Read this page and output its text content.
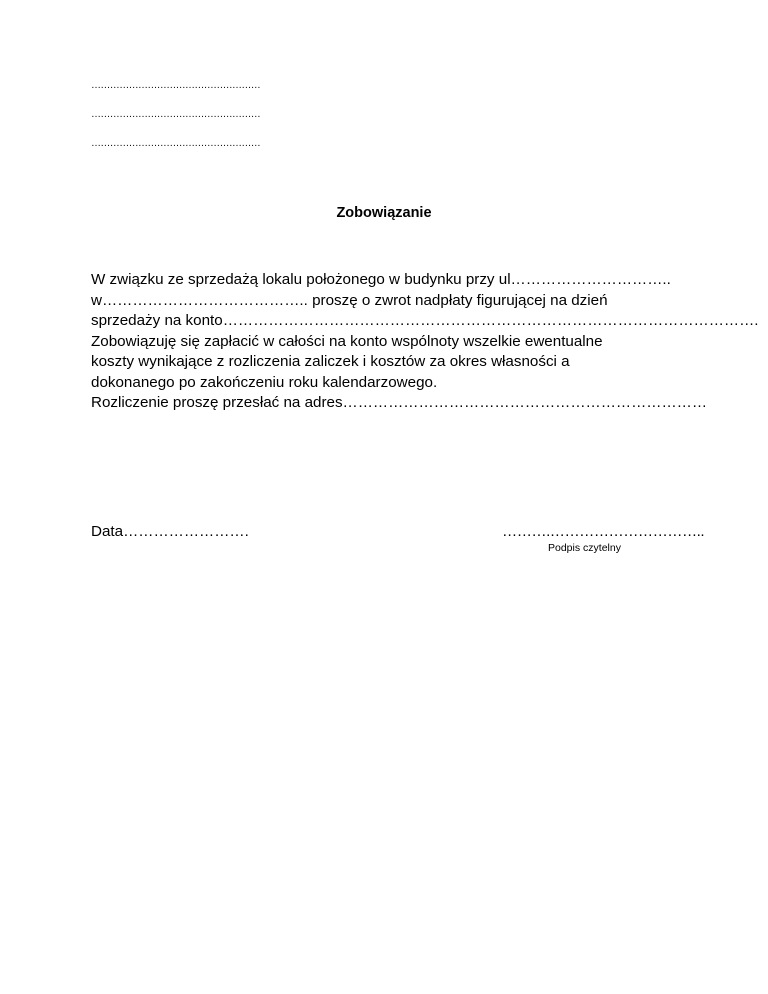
………………………………………………
………………………………………………
………………………………………………
Zobowiązanie
W związku ze sprzedażą lokalu położonego w budynku przy ul…………………………..
w………………………………….. proszę o zwrot nadpłaty figurującej na dzień
sprzedaży na konto…………………………………………………………………………………………….
Zobowiązuję się zapłacić w całości na konto wspólnoty wszelkie ewentualne
koszty wynikające z rozliczenia zaliczek i kosztów za okres własności a
dokonanego po zakończeniu roku kalendarzowego.
Rozliczenie proszę przesłać na adres………………………………………………………………
Data…………………….	……….…………………………..
Podpis czytelny
